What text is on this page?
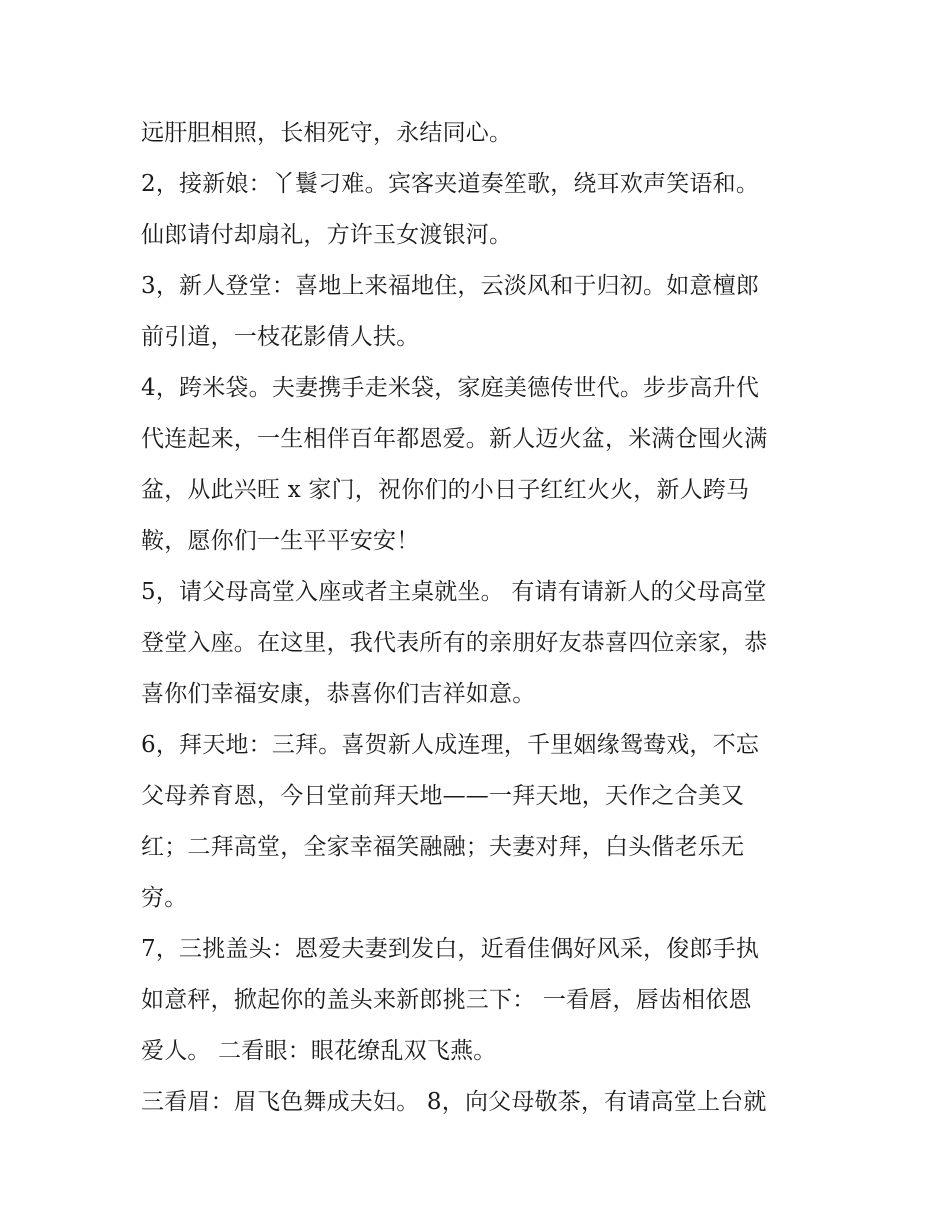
远肝胆相照，长相死守，永结同心。
2，接新娘：丫鬟刁难。宾客夹道奏笙歌，绕耳欢声笑语和。
仙郎请付却扇礼，方许玉女渡银河。
3，新人登堂：喜地上来福地住，云淡风和于归初。如意檀郎
前引道，一枝花影倩人扶。
4，跨米袋。夫妻携手走米袋，家庭美德传世代。步步高升代
代连起来，一生相伴百年都恩爱。新人迈火盆，米满仓囤火满
盆，从此兴旺 x 家门，祝你们的小日子红红火火，新人跨马
鞍，愿你们一生平平安安！
5，请父母高堂入座或者主桌就坐。 有请有请新人的父母高堂
登堂入座。在这里，我代表所有的亲朋好友恭喜四位亲家，恭
喜你们幸福安康，恭喜你们吉祥如意。
6，拜天地：三拜。喜贺新人成连理，千里姻缘鸳鸯戏，不忘
父母养育恩，今日堂前拜天地——一拜天地，天作之合美又
红；二拜高堂，全家幸福笑融融；夫妻对拜，白头偕老乐无
穷。
7，三挑盖头：恩爱夫妻到发白，近看佳偶好风采，俊郎手执
如意秤，掀起你的盖头来新郎挑三下： 一看唇，唇齿相依恩
爱人。 二看眼：眼花缭乱双飞燕。
三看眉：眉飞色舞成夫妇。 8，向父母敬茶，有请高堂上台就
